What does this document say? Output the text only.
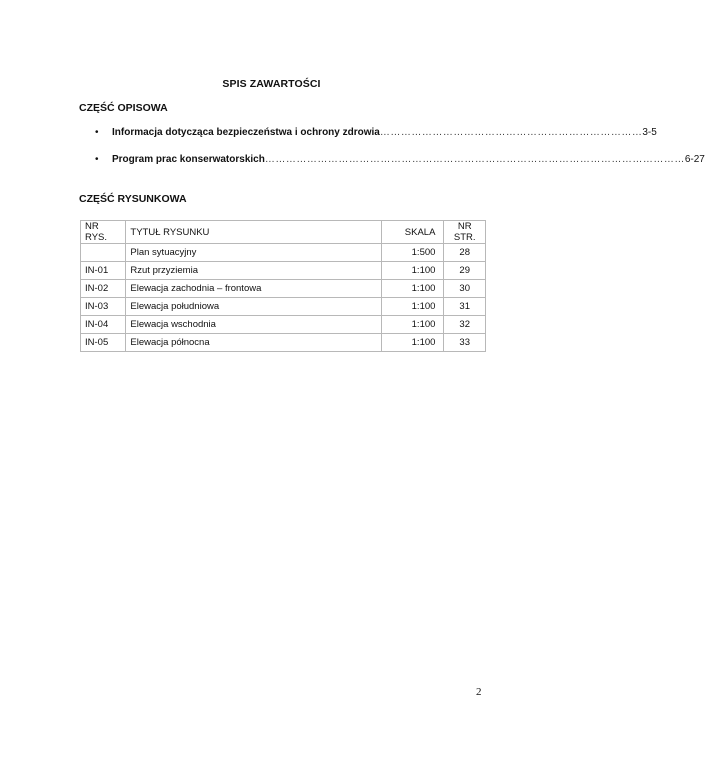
SPIS ZAWARTOŚCI
CZĘŚĆ OPISOWA
•	Informacja dotycząca bezpieczeństwa i ochrony zdrowia ………………………………………………………………… 3-5
•	Program prac konserwatorskich ………………………………………………………………………………………………………… 6-27
CZĘŚĆ RYSUNKOWA
NR RYS.	TYTUŁ RYSUNKU	SKALA	NR STR.
	Plan sytuacyjny	1:500	28
IN-01	Rzut przyziemia	1:100	29
IN-02	Elewacja zachodnia – frontowa	1:100	30
IN-03	Elewacja południowa	1:100	31
IN-04	Elewacja wschodnia	1:100	32
IN-05	Elewacja północna	1:100	33
2
